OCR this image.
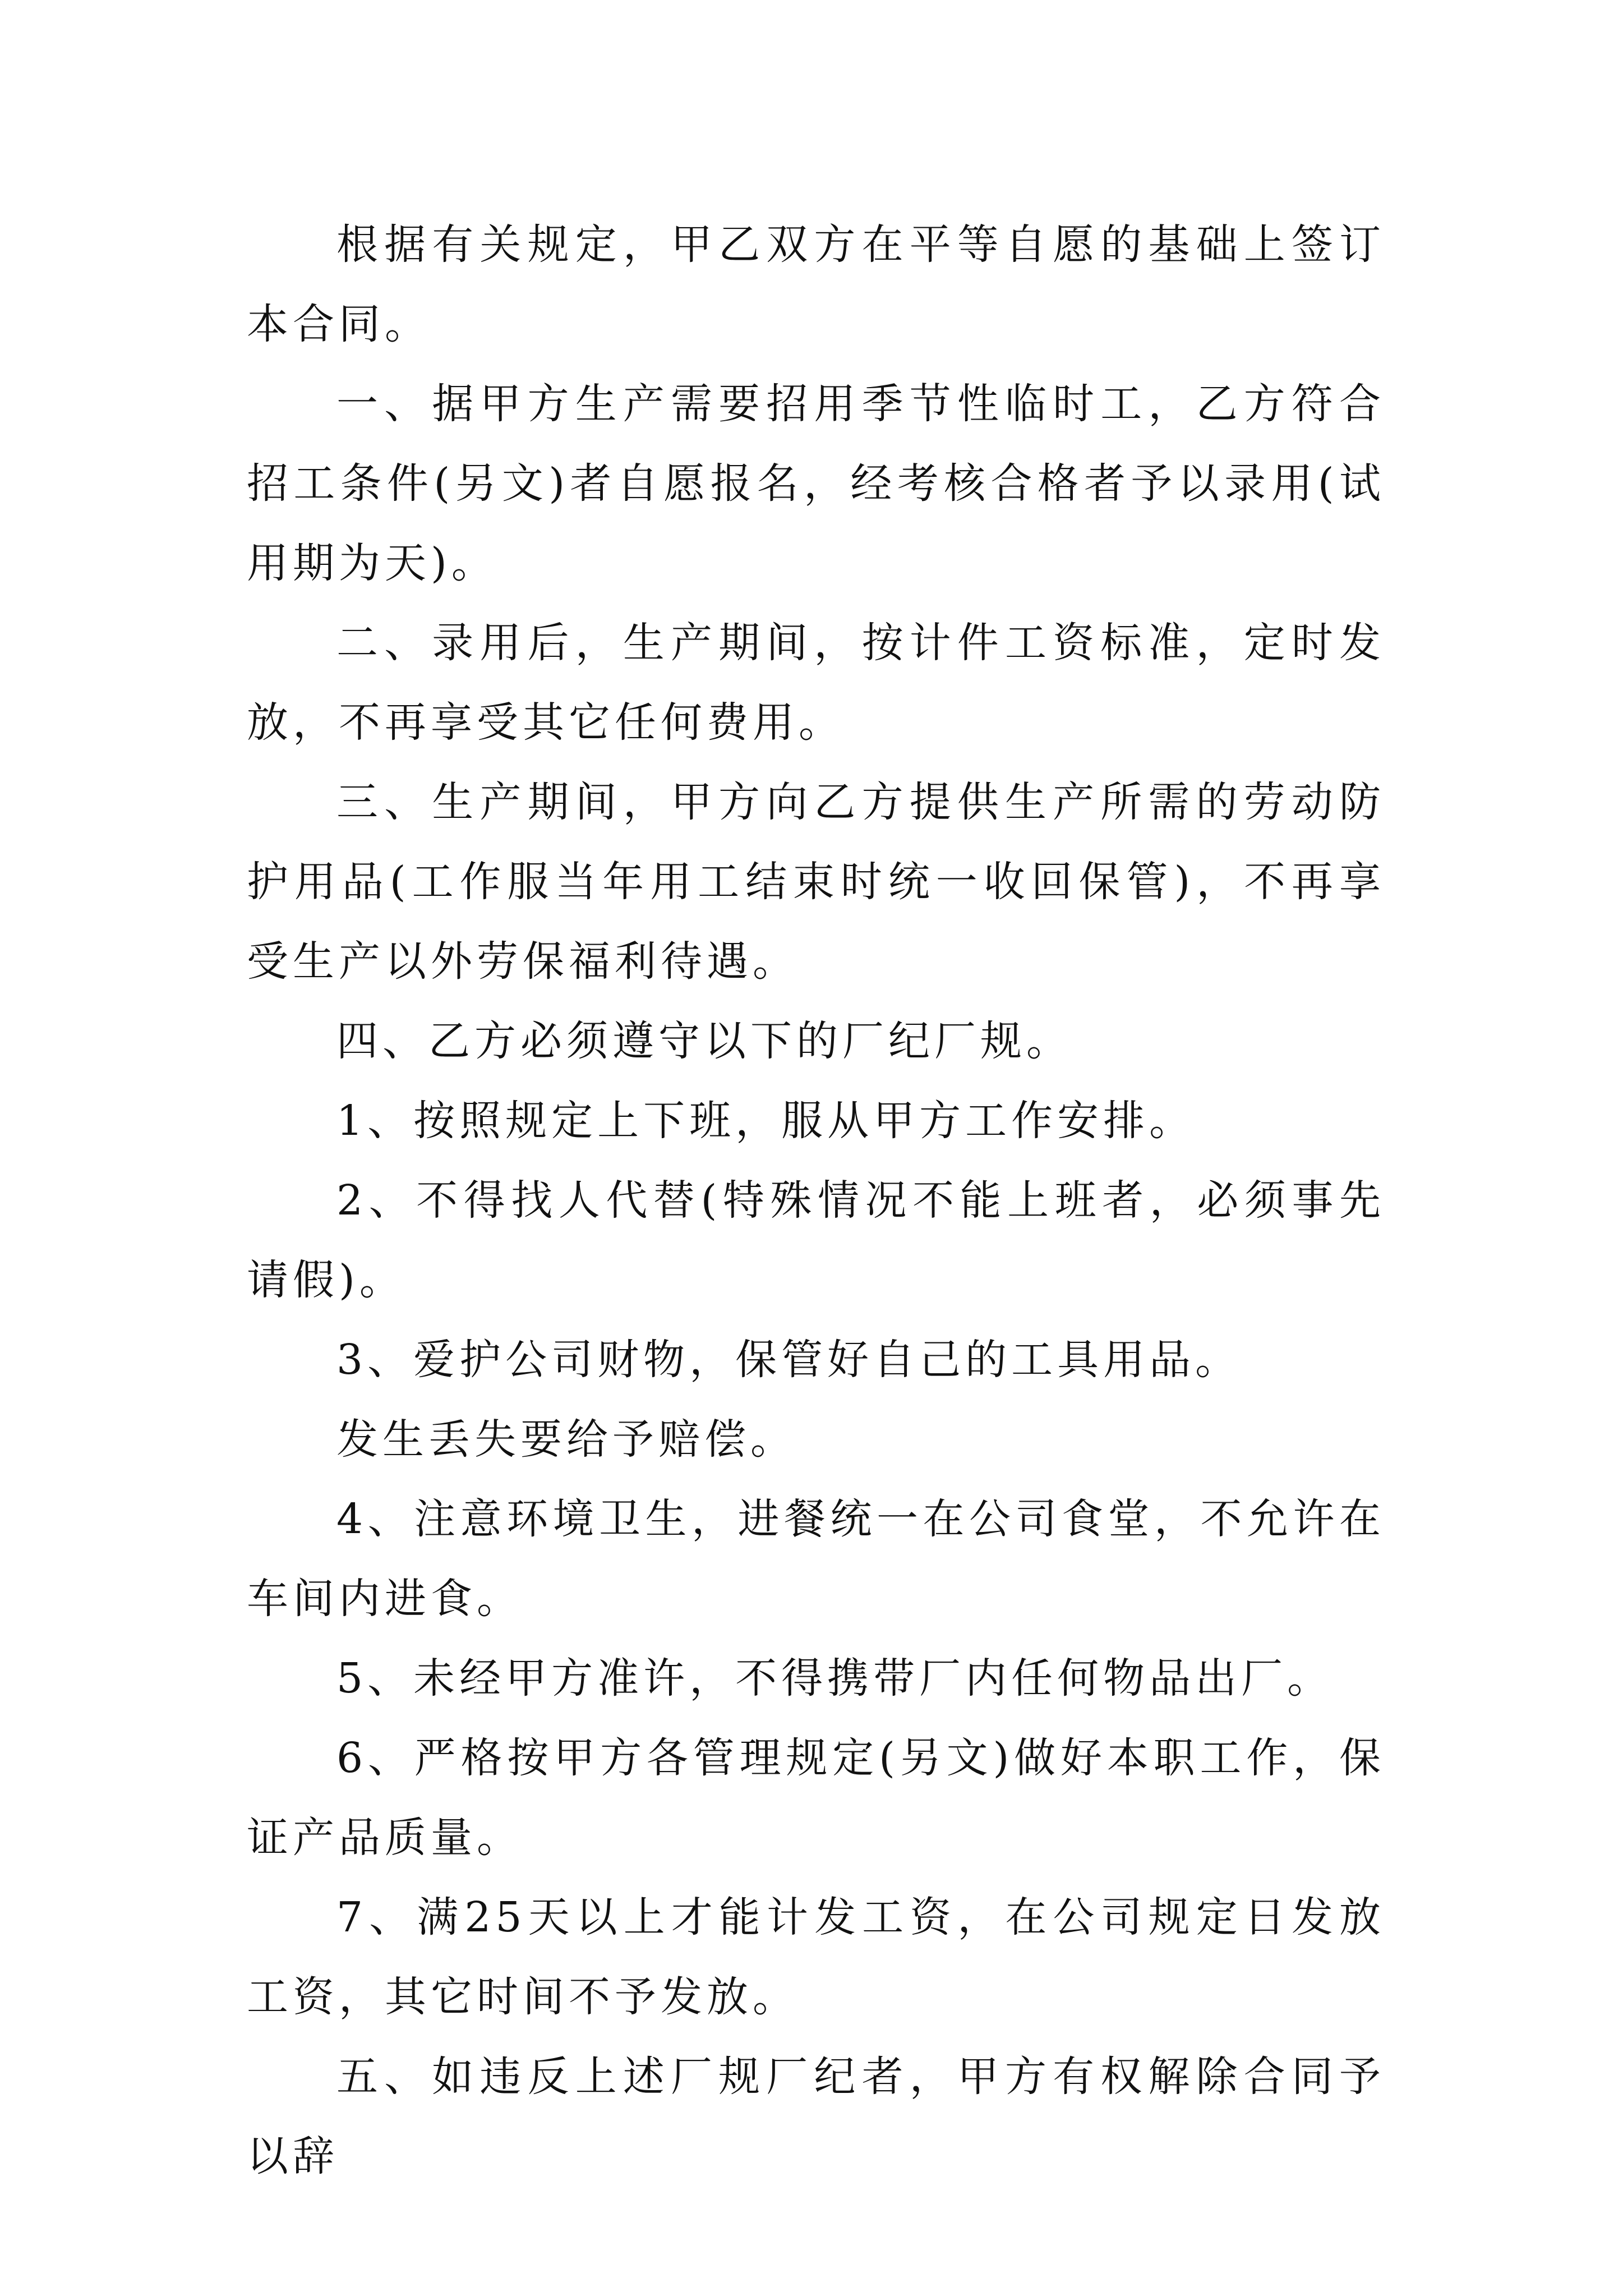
根据有关规定，甲乙双方在平等自愿的基础上签订本合同。

一、据甲方生产需要招用季节性临时工，乙方符合招工条件(另文)者自愿报名，经考核合格者予以录用(试用期为天)。

二、录用后，生产期间，按计件工资标准，定时发放，不再享受其它任何费用。

三、生产期间，甲方向乙方提供生产所需的劳动防护用品(工作服当年用工结束时统一收回保管)，不再享受生产以外劳保福利待遇。

四、乙方必须遵守以下的厂纪厂规。

1、按照规定上下班，服从甲方工作安排。

2、不得找人代替(特殊情况不能上班者，必须事先请假)。

3、爱护公司财物，保管好自己的工具用品。

发生丢失要给予赔偿。

4、注意环境卫生，进餐统一在公司食堂，不允许在车间内进食。

5、未经甲方准许，不得携带厂内任何物品出厂。

6、严格按甲方各管理规定(另文)做好本职工作，保证产品质量。

7、满25天以上才能计发工资，在公司规定日发放工资，其它时间不予发放。

五、如违反上述厂规厂纪者，甲方有权解除合同予以辞
